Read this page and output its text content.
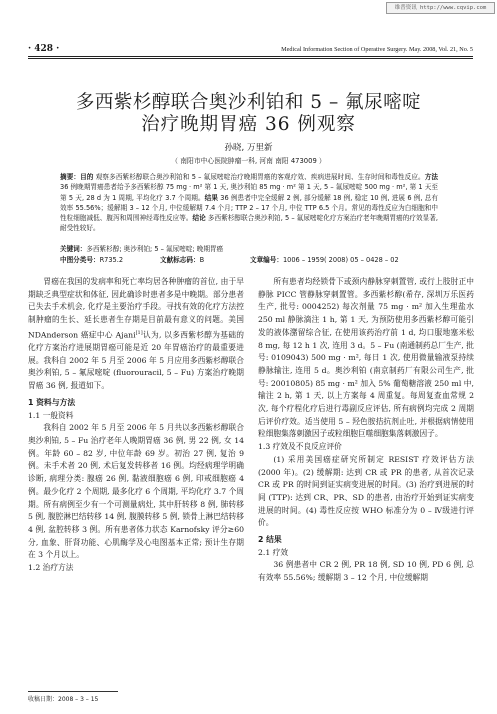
维普资讯 http://www.cqvip.com
· 428 ·	Medical Information Section of Operative Surgery. May. 2008, Vol. 21, No. 5
多西紫杉醇联合奥沙利铂和 5 – 氟尿嘧啶
治疗晚期胃癌 36 例观察
孙晓, 万里新
（ 南阳市中心医院肿瘤一科, 河南 南阳 473009 ）
摘要：目的 观察多西紫杉醇联合奥沙利铂和 5 – 氟尿嘧啶治疗晚期胃癌的客观疗效、疾病进展时间、生存时间和毒性反应。方法 36 例晚期胃癌患者给予多西紫杉醇 75 mg · m² 第 1 天, 奥沙利铂 85 mg · m² 第 1 天, 5 – 氟尿嘧啶 500 mg · m², 第 1 天至第 5 天, 28 d 为 1 周期, 平均化疗 3.7 个周期。结果 36 例患者中完全缓解 2 例, 部分缓解 18 例, 稳定 10 例, 进展 6 例, 总有效率 55.56%；缓解期 3 – 12 个月, 中位缓解期 7.4 个月; TTP 2 – 17 个月, 中位 TTP 6.5 个月。常见的毒性反应为白细胞和中性粒细胞减低、腹泻和周围神经毒性反应等。结论 多西紫杉醇联合奥沙利铂, 5 – 氟尿嘧啶化疗方案治疗老年晚期胃癌的疗效显著, 耐受性较好。
关键词：多西紫杉醇; 奥沙利铂; 5 – 氟尿嘧啶; 晚期胃癌
中图分类号：R735.2	文献标志码：B	文章编号：1006 – 1959( 2008) 05 – 0428 – 02

胃癌在我国的发病率和死亡率均居各种肿瘤的首位, 由于早期缺乏典型症状和体征, 因此确诊时患者多是中晚期。部分患者已失去手术机会, 化疗是主要治疗手段。寻找有效的化疗方法控制肿瘤的生长、延长患者生存期是目前最有意义的问题。美国 NDAnderson 癌症中心 Ajani[1]认为, 以多西紫杉醇为基础的化疗方案治疗进展期胃癌可能是近 20 年胃癌治疗的最重要进展。我科自 2002 年 5 月至 2006 年 5 月应用多西紫杉醇联合奥沙利铂, 5 – 氟尿嘧啶 (fluorouracil, 5 – Fu) 方案治疗晚期胃癌 36 例, 报道如下。

1 资料与方法
1.1 一般资料

我科自 2002 年 5 月至 2006 年 5 月共以多西紫杉醇联合奥沙利铂, 5 – Fu 治疗老年人晚期胃癌 36 例, 男 22 例, 女 14 例。年龄 60 – 82 岁, 中位年龄 69 岁。初治 27 例, 复治 9 例。未手术者 20 例, 术后复发转移者 16 例。均经病理学明确诊断, 病理分类: 腺癌 26 例, 黏液细胞癌 6 例, 印戒细胞癌 4 例。最少化疗 2 个周期, 最多化疗 6 个周期, 平均化疗 3.7 个周期。所有病例至少有一个可测量病灶, 其中肝转移 8 例, 肺转移 5 例, 腹腔淋巴结转移 14 例, 腹膜转移 5 例, 锁骨上淋巴结转移 4 例, 盆腔转移 3 例。所有患者体力状态 Karnofsky 评分≥60 分, 血象、肝肾功能、心肌酶学及心电图基本正常; 预计生存期在 3 个月以上。

1.2 治疗方法

所有患者均经锁骨下或颈内静脉穿刺置管, 或行上肢肘正中静脉 PICC 管静脉穿刺置管。多西紫杉醇(希存, 深圳万乐医药生产, 批号: 0004252) 每次剂量 75 mg · m² 加入生理盐水 250 ml 静脉滴注 1 h, 第 1 天, 为预防使用多西紫杉醇可能引发的液体潴留综合征, 在使用该药治疗前 1 d, 均口服地塞米松 8 mg, 每 12 h 1 次, 连用 3 d。5 – Fu (南通制药总厂生产, 批号: 0109043) 500 mg · m², 每日 1 次, 使用微量输液泵持续静脉输注, 连用 5 d。奥沙利铂 (南京制药厂有限公司生产, 批号: 20010805) 85 mg · m² 加入 5% 葡萄糖溶液 250 ml 中, 输注 2 h, 第 1 天, 以上方案每 4 周重复。每周复查血常规 2 次, 每个疗程化疗后进行毒副反应评估, 所有病例均完成 2 周期后评价疗效。适当使用 5 – 羟色胺拮抗剂止吐, 并根据病情使用粒细胞集落刺激因子或粒细胞巨噬细胞集落刺激因子。

1.3 疗效及不良反应评价

(1) 采用美国癌症研究所制定 RESIST 疗效评估方法 (2000 年)。(2) 缓解期: 达到 CR 或 PR 的患者, 从首次记录 CR 或 PR 的时间到证实病变进展的时间。(3) 治疗到进展的时间 (TTP): 达到 CR、PR、SD 的患者, 由治疗开始到证实病变进展的时间。(4) 毒性反应按 WHO 标准分为 0 – Ⅳ级进行评价。

2 结果
2.1 疗效

36 例患者中 CR 2 例, PR 18 例, SD 10 例, PD 6 例, 总有效率 55.56%; 缓解期 3 – 12 个月, 中位缓解期

收稿日期：2008 – 3 – 15
